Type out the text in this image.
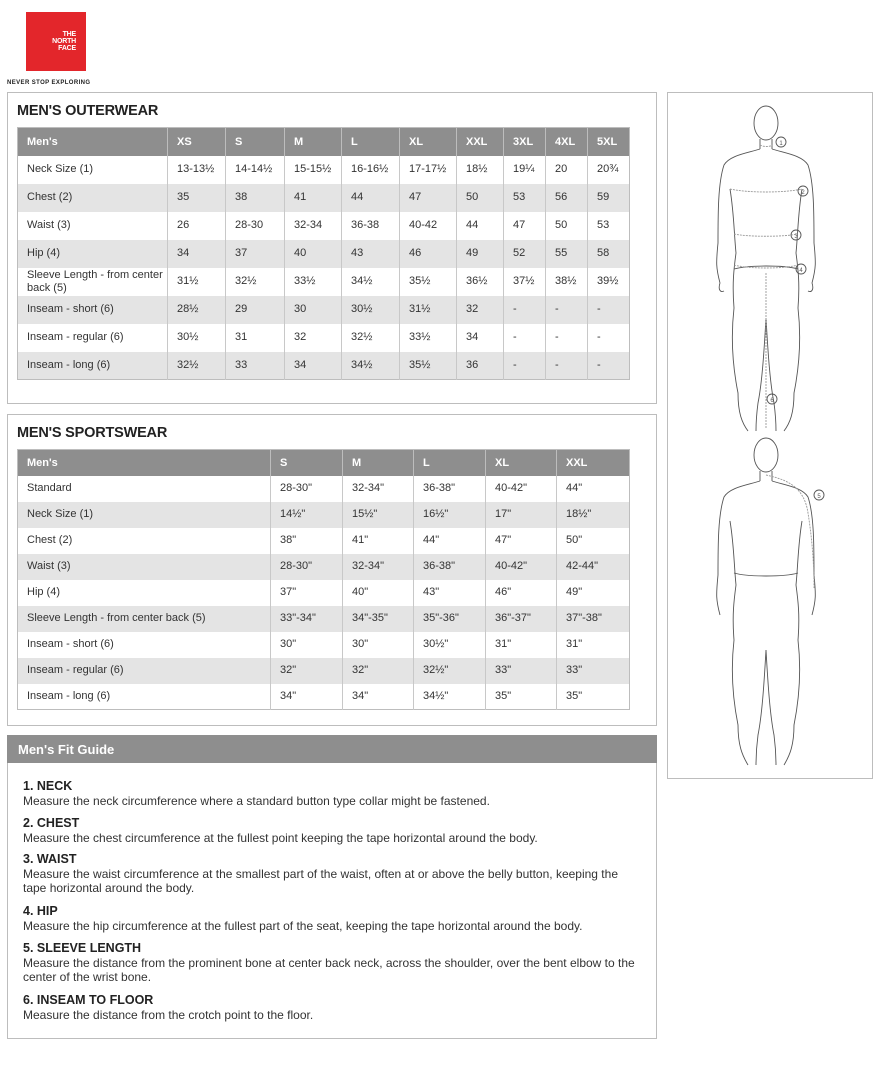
THE
NORTH
FACE
NEVER STOP EXPLORING
MEN'S OUTERWEAR
Men's	XS	S	M	L	XL	XXL	3XL	4XL	5XL
Neck Size (1)	13-13½	14-14½	15-15½	16-16½	17-17½	18½	19¼	20	20¾
Chest (2)	35	38	41	44	47	50	53	56	59
Waist (3)	26	28-30	32-34	36-38	40-42	44	47	50	53
Hip (4)	34	37	40	43	46	49	52	55	58
Sleeve Length - from center back (5)	31½	32½	33½	34½	35½	36½	37½	38½	39½
Inseam - short (6)	28½	29	30	30½	31½	32	-	-	-
Inseam - regular (6)	30½	31	32	32½	33½	34	-	-	-
Inseam - long (6)	32½	33	34	34½	35½	36	-	-	-
MEN'S SPORTSWEAR
Men's	S	M	L	XL	XXL
Standard	28-30"	32-34"	36-38"	40-42"	44"
Neck Size (1)	14½"	15½"	16½"	17"	18½"
Chest (2)	38"	41"	44"	47"	50"
Waist (3)	28-30"	32-34"	36-38"	40-42"	42-44"
Hip (4)	37"	40"	43"	46"	49"
Sleeve Length - from center back (5)	33"-34"	34"-35"	35"-36"	36"-37"	37"-38"
Inseam - short (6)	30"	30"	30½"	31"	31"
Inseam - regular (6)	32"	32"	32½"	33"	33"
Inseam - long (6)	34"	34"	34½"	35"	35"
Men's Fit Guide
1. NECK

Measure the neck circumference where a standard button type collar might be fastened.

2. CHEST

Measure the chest circumference at the fullest point keeping the tape horizontal around the body.

3. WAIST

Measure the waist circumference at the smallest part of the waist, often at or above the belly button, keeping the tape horizontal around the body.

4. HIP

Measure the hip circumference at the fullest part of the seat, keeping the tape horizontal around the body.

5. SLEEVE LENGTH

Measure the distance from the prominent bone at center back neck, across the shoulder, over the bent elbow to the center of the wrist bone.

6. INSEAM TO FLOOR

Measure the distance from the crotch point to the floor.

1
2
3
4
6
5
